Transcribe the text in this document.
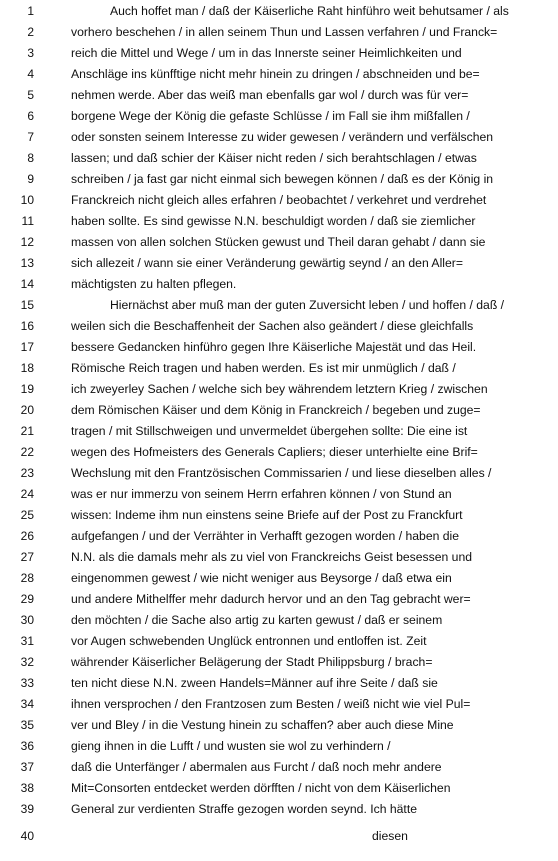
1	Auch hoffet man / daß der Käiserliche Raht hinführo weit behutsamer / als
2	vorhero beschehen / in allen seinem Thun und Lassen verfahren / und Franck=
3	reich die Mittel und Wege / um in das Innerste seiner Heimlichkeiten und
4	Anschläge ins künfftige nicht mehr hinein zu dringen / abschneiden und be=
5	nehmen werde. Aber das weiß man ebenfalls gar wol / durch was für ver=
6	borgene Wege der König die gefaste Schlüsse / im Fall sie ihm mißfallen /
7	oder sonsten seinem Interesse zu wider gewesen / verändern und verfälschen
8	lassen; und daß schier der Käiser nicht reden / sich berahtschlagen / etwas
9	schreiben / ja fast gar nicht einmal sich bewegen können / daß es der König in
10	Franckreich nicht gleich alles erfahren / beobachtet / verkehret und verdrehet
11	haben sollte. Es sind gewisse N.N. beschuldigt worden / daß sie ziemlicher
12	massen von allen solchen Stücken gewust und Theil daran gehabt / dann sie
13	sich allezeit / wann sie einer Veränderung gewärtig seynd / an den Aller=
14	mächtigsten zu halten pflegen.
15	Hiernächst aber muß man der guten Zuversicht leben / und hoffen / daß /
16	weilen sich die Beschaffenheit der Sachen also geändert / diese gleichfalls
17	bessere Gedancken hinführo gegen Ihre Käiserliche Majestät und das Heil.
18	Römische Reich tragen und haben werden. Es ist mir unmüglich / daß /
19	ich zweyerley Sachen / welche sich bey währendem letztern Krieg / zwischen
20	dem Römischen Käiser und dem König in Franckreich / begeben und zuge=
21	tragen / mit Stillschweigen und unvermeldet übergehen sollte: Die eine ist
22	wegen des Hofmeisters des Generals Capliers; dieser unterhielte eine Brif=
23	Wechslung mit den Frantzösischen Commissarien / und liese dieselben alles /
24	was er nur immerzu von seinem Herrn erfahren können / von Stund an
25	wissen: Indeme ihm nun einstens seine Briefe auf der Post zu Franckfurt
26	aufgefangen / und der Verrähter in Verhafft gezogen worden / haben die
27	N.N. als die damals mehr als zu viel von Franckreichs Geist besessen und
28	eingenommen gewest / wie nicht weniger aus Beysorge / daß etwa ein
29	und andere Mithelffer mehr dadurch hervor und an den Tag gebracht wer=
30	den möchten / die Sache also artig zu karten gewust / daß er seinem
31	vor Augen schwebenden Unglück entronnen und entloffen ist. Zeit
32	währender Käiserlicher Belägerung der Stadt Philippsburg / brach=
33	ten nicht diese N.N. zween Handels=Männer auf ihre Seite / daß sie
34	ihnen versprochen / den Frantzosen zum Besten / weiß nicht wie viel Pul=
35	ver und Bley / in die Vestung hinein zu schaffen? aber auch diese Mine
36	gieng ihnen in die Lufft / und wusten sie wol zu verhindern /
37	daß die Unterfänger / abermalen aus Furcht / daß noch mehr andere
38	Mit=Consorten entdecket werden dörfften / nicht von dem Käiserlichen
39	General zur verdienten Straffe gezogen worden seynd. Ich hätte
40	diesen
